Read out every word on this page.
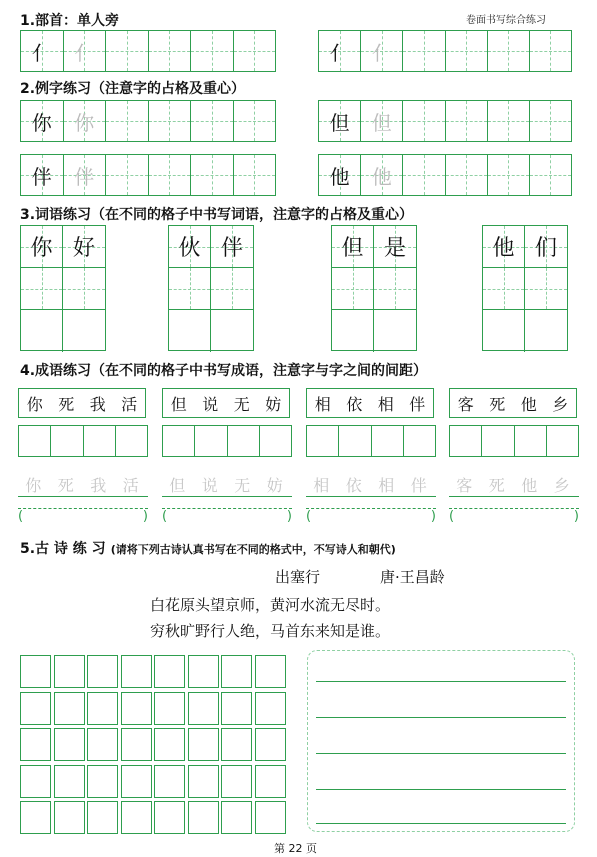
1.部首：单人旁	卷面书写综合练习
亻	亻	亻	亻
2.例字练习（注意字的占格及重心）
你	你	但	但
伴	伴	他	他
3.词语练习（在不同的格子中书写词语，注意字的占格及重心）
你 好	伙 伴	但 是	他 们
4.成语练习（在不同的格子中书写成语，注意字与字之间的间距）
你 死 我 活
你 死 我 活
(	)
但 说 无 妨
但 说 无 妨
(	)
相 依 相 伴
相 依 相 伴
(	)
客 死 他 乡
客 死 他 乡
(	)
5.古 诗 练 习 (请将下列古诗认真书写在不同的格式中，不写诗人和朝代)
出塞行	唐·王昌龄
白花原头望京师，黄河水流无尽时。
穷秋旷野行人绝，马首东来知是谁。
第 22 页
